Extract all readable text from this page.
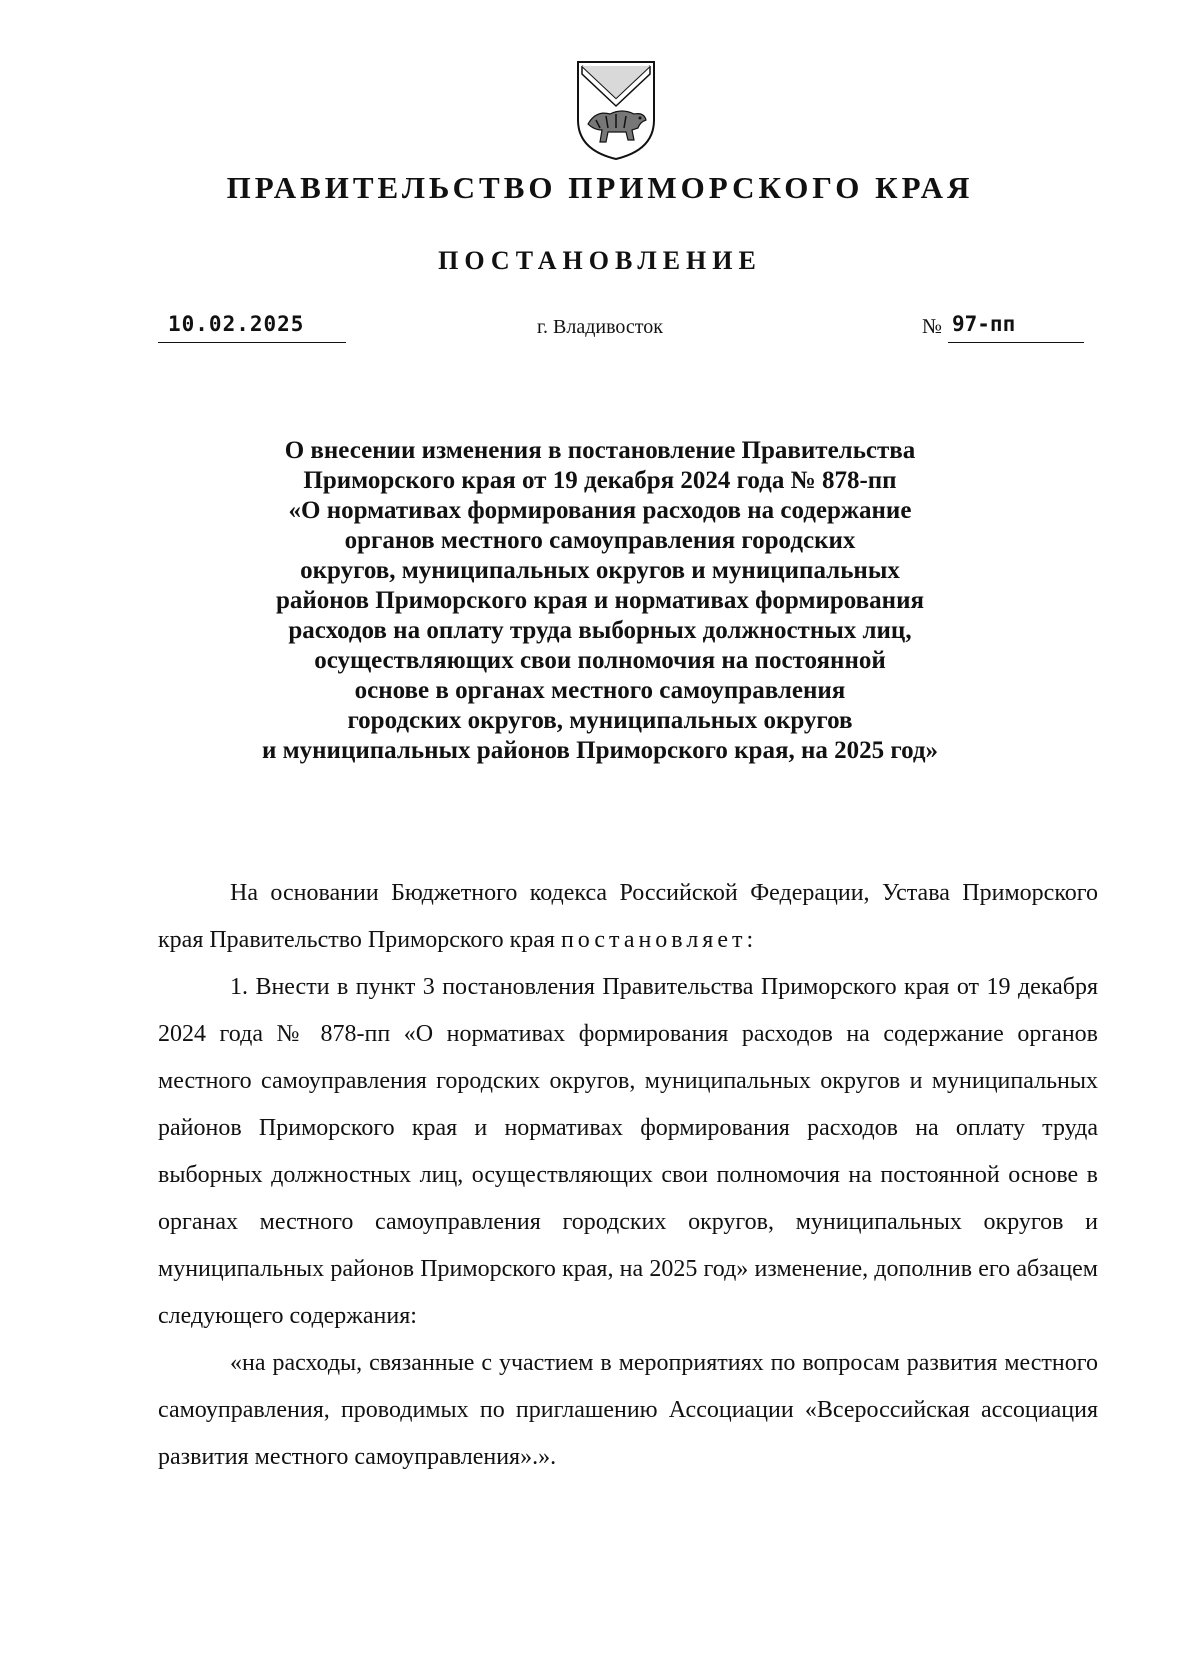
ПРАВИТЕЛЬСТВО ПРИМОРСКОГО КРАЯ
ПОСТАНОВЛЕНИЕ
10.02.2025	г. Владивосток	№ 97-пп
О внесении изменения в постановление Правительства
Приморского края от 19 декабря 2024 года № 878-пп
«О нормативах формирования расходов на содержание
органов местного самоуправления городских
округов, муниципальных округов и муниципальных
районов Приморского края и нормативах формирования
расходов на оплату труда выборных должностных лиц,
осуществляющих свои полномочия на постоянной
основе в органах местного самоуправления
городских округов, муниципальных округов
и муниципальных районов Приморского края, на 2025 год»

На основании Бюджетного кодекса Российской Федерации, Устава Приморского края Правительство Приморского края постановляет:

1. Внести в пункт 3 постановления Правительства Приморского края от 19 декабря 2024 года № 878-пп «О нормативах формирования расходов на содержание органов местного самоуправления городских округов, муниципальных округов и муниципальных районов Приморского края и нормативах формирования расходов на оплату труда выборных должностных лиц, осуществляющих свои полномочия на постоянной основе в органах местного самоуправления городских округов, муниципальных округов и муниципальных районов Приморского края, на 2025 год» изменение, дополнив его абзацем следующего содержания:

«на расходы, связанные с участием в мероприятиях по вопросам развития местного самоуправления, проводимых по приглашению Ассоциации «Всероссийская ассоциация развития местного самоуправления».».
